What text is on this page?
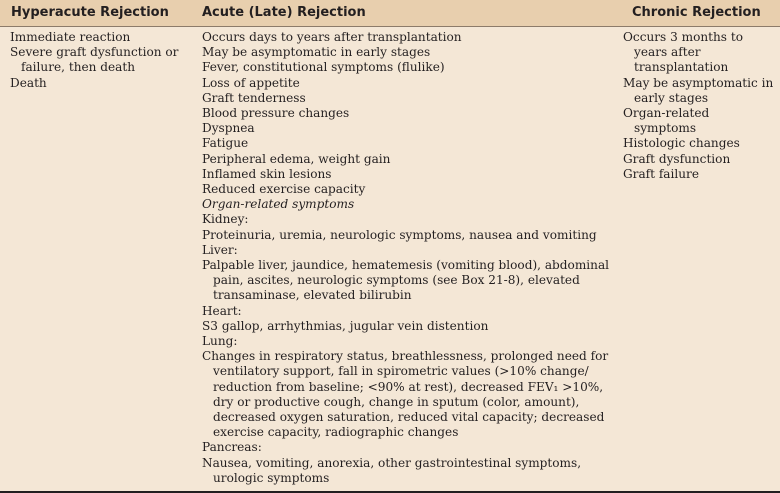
Hyperacute Rejection	Acute (Late) Rejection	Chronic Rejection
Immediate reaction
Severe graft dysfunction or failure, then death
Death
Occurs days to years after transplantation
May be asymptomatic in early stages
Fever, constitutional symptoms (flulike)
Loss of appetite
Graft tenderness
Blood pressure changes
Dyspnea
Fatigue
Peripheral edema, weight gain
Inflamed skin lesions
Reduced exercise capacity
Organ-related symptoms
Kidney:
Proteinuria, uremia, neurologic symptoms, nausea and vomiting
Liver:
Palpable liver, jaundice, hematemesis (vomiting blood), abdominal pain, ascites, neurologic symptoms (see Box 21-8), elevated transaminase, elevated bilirubin
Heart:
S3 gallop, arrhythmias, jugular vein distention
Lung:
Changes in respiratory status, breathlessness, prolonged need for ventilatory support, fall in spirometric values (>10% change/ reduction from baseline; <90% at rest), decreased FEV₁ >10%, dry or productive cough, change in sputum (color, amount), decreased oxygen saturation, reduced vital capacity; decreased exercise capacity, radiographic changes
Pancreas:
Nausea, vomiting, anorexia, other gastrointestinal symptoms, urologic symptoms
Occurs 3 months to years after transplantation
May be asymptomatic in early stages
Organ-related symptoms
Histologic changes
Graft dysfunction
Graft failure
